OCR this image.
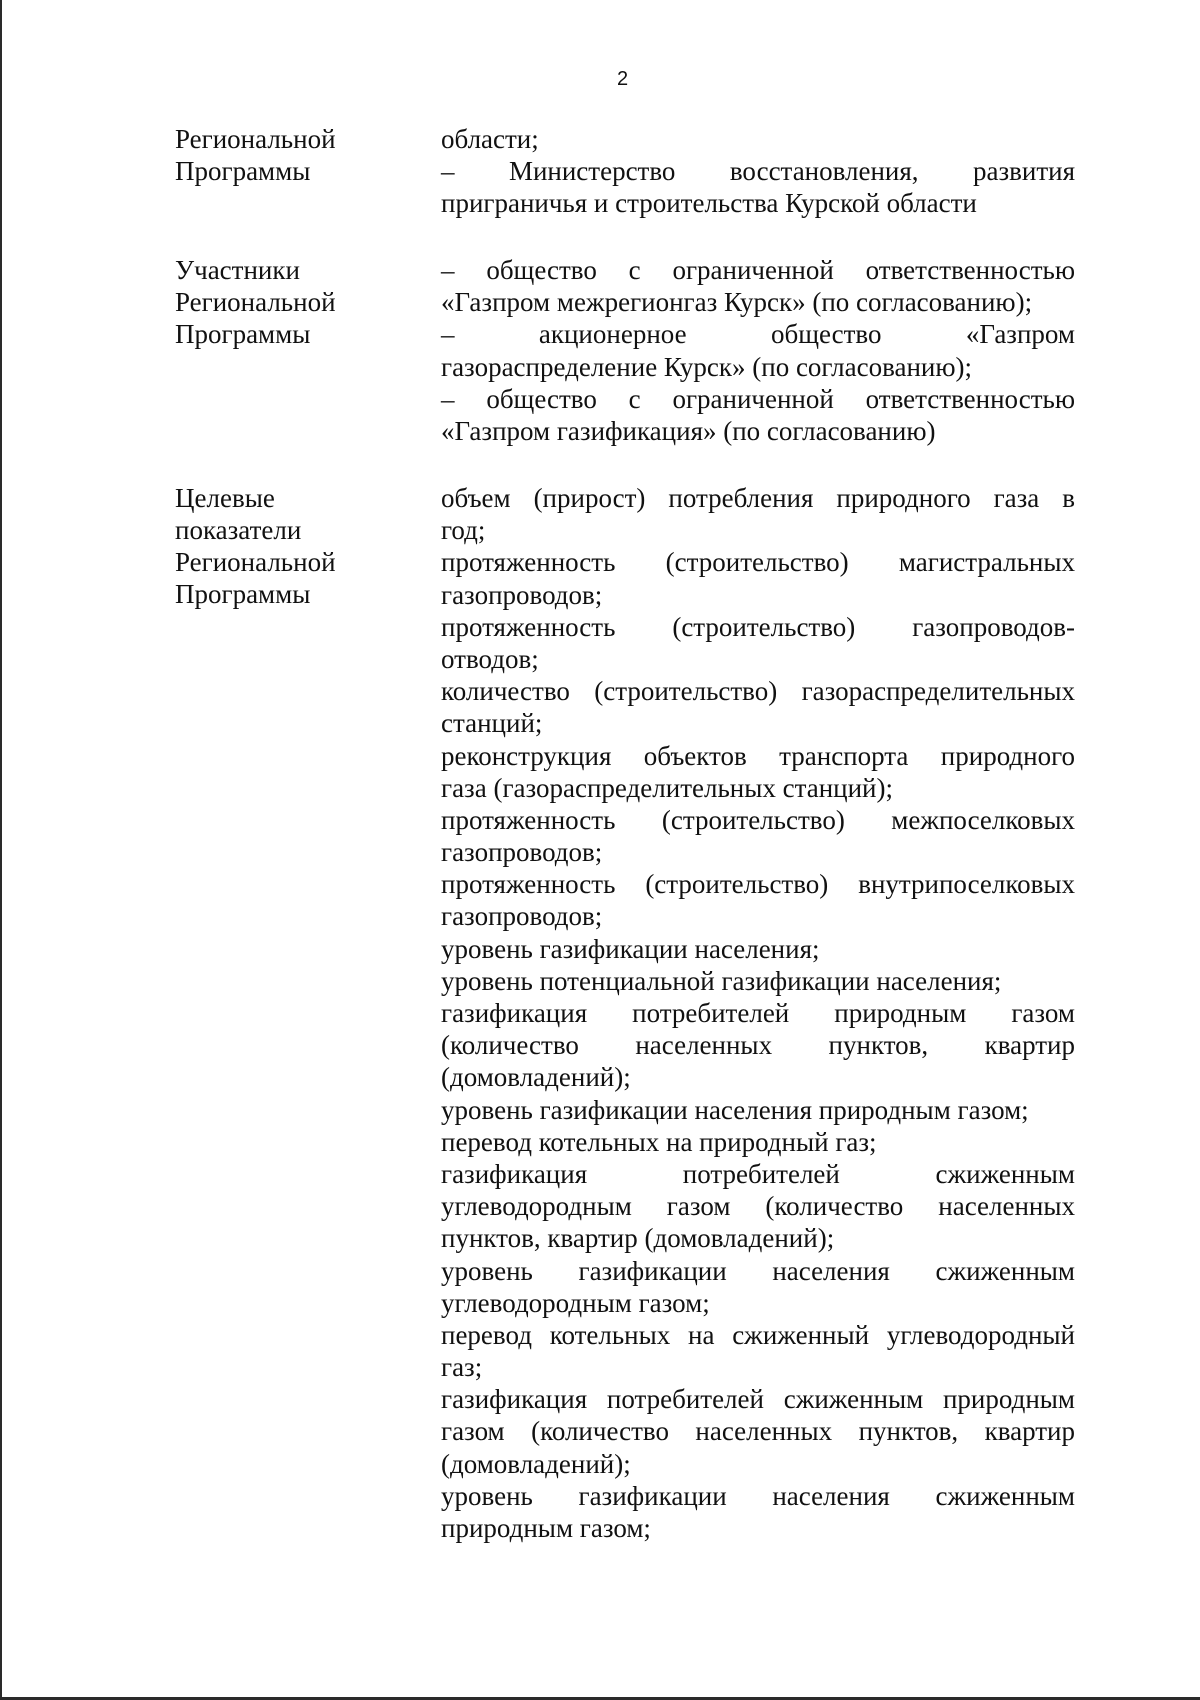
2
Региональной
Программы
области;
– Министерство восстановления, развития
приграничья и строительства Курской области
Участники
Региональной
Программы
– общество с ограниченной ответственностью
«Газпром межрегионгаз Курск» (по согласованию);
– акционерное общество «Газпром
газораспределение Курск» (по согласованию);
– общество с ограниченной ответственностью
«Газпром газификация» (по согласованию)
Целевые
показатели
Региональной
Программы
объем (прирост) потребления природного газа в
год;
протяженность (строительство) магистральных
газопроводов;
протяженность (строительство) газопроводов-
отводов;
количество (строительство) газораспределительных
станций;
реконструкция объектов транспорта природного
газа (газораспределительных станций);
протяженность (строительство) межпоселковых
газопроводов;
протяженность (строительство) внутрипоселковых
газопроводов;
уровень газификации населения;
уровень потенциальной газификации населения;
газификация потребителей природным газом
(количество населенных пунктов, квартир
(домовладений);
уровень газификации населения природным газом;
перевод котельных на природный газ;
газификация потребителей сжиженным
углеводородным газом (количество населенных
пунктов, квартир (домовладений);
уровень газификации населения сжиженным
углеводородным газом;
перевод котельных на сжиженный углеводородный
газ;
газификация потребителей сжиженным природным
газом (количество населенных пунктов, квартир
(домовладений);
уровень газификации населения сжиженным
природным газом;
